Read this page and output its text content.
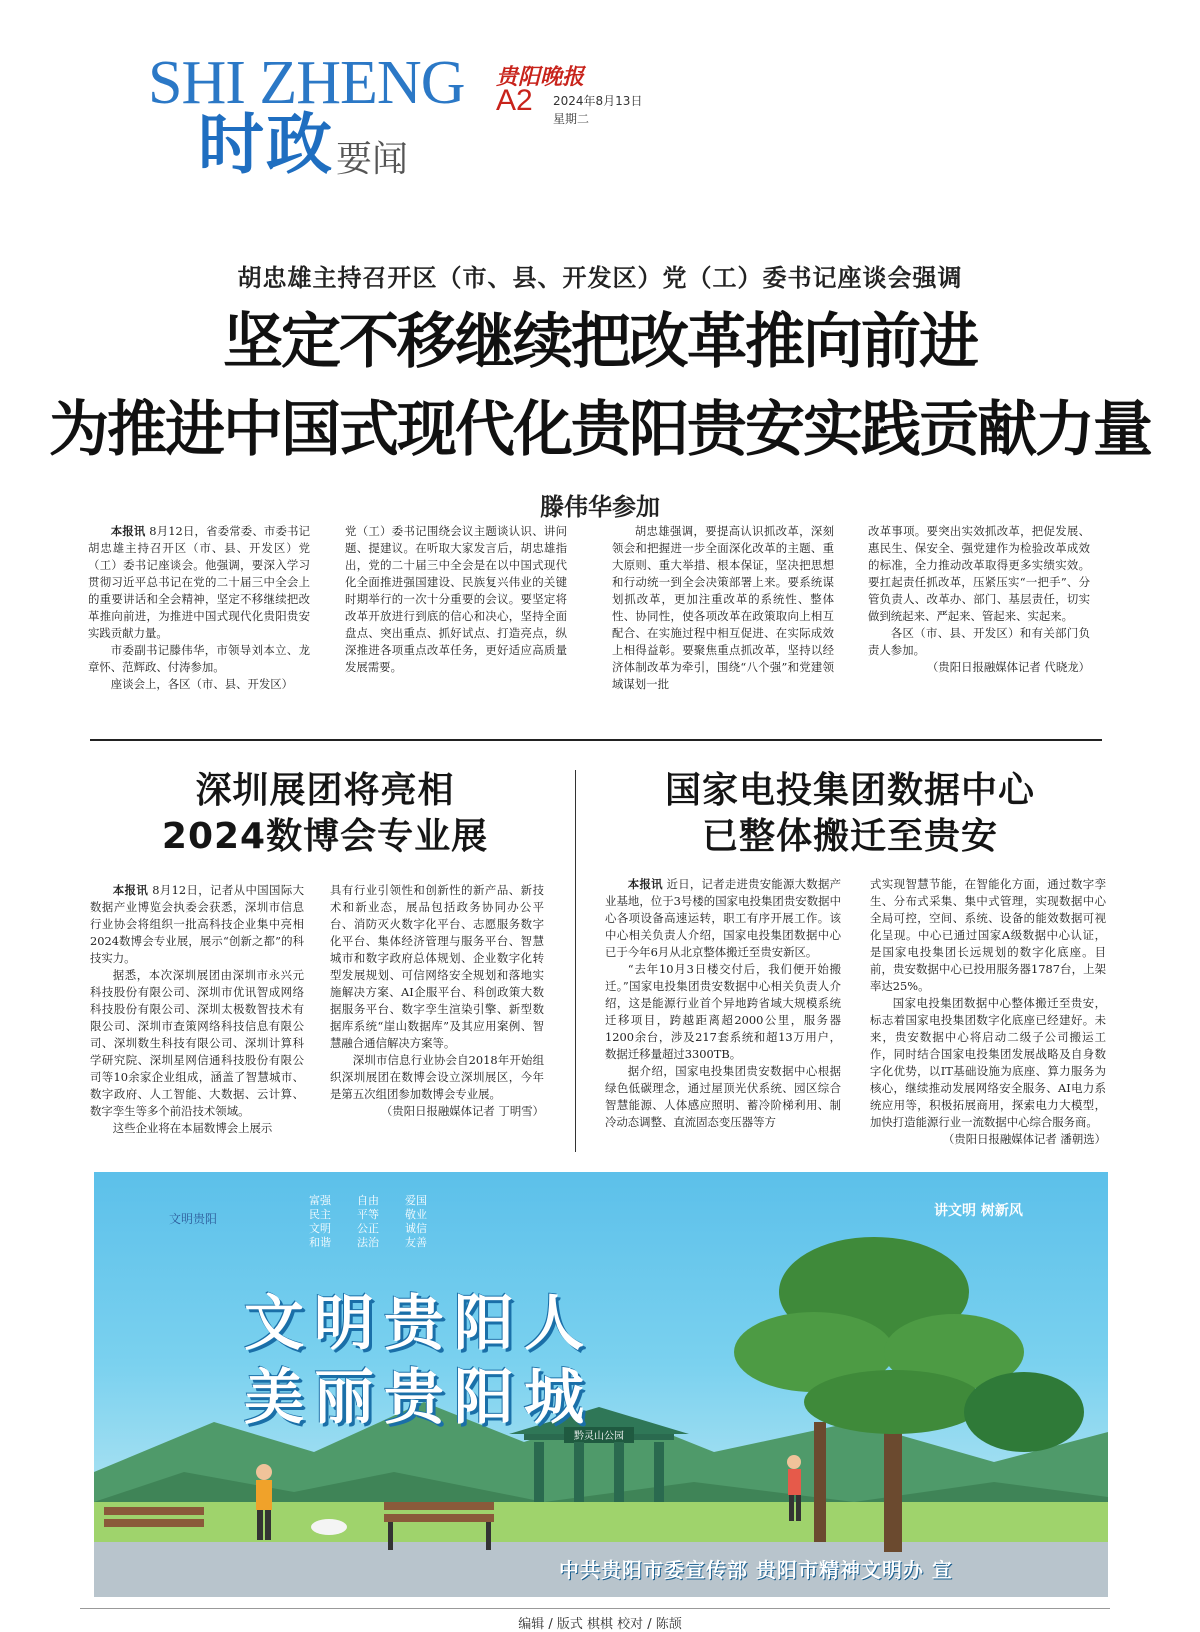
SHI ZHENG
时政 要闻
贵阳晚报
A2 2024年8月13日
星期二
胡忠雄主持召开区（市、县、开发区）党（工）委书记座谈会强调
坚定不移继续把改革推向前进
为推进中国式现代化贵阳贵安实践贡献力量
滕伟华参加

本报讯 8月12日，省委常委、市委书记胡忠雄主持召开区（市、县、开发区）党（工）委书记座谈会。他强调，要深入学习贯彻习近平总书记在党的二十届三中全会上的重要讲话和全会精神，坚定不移继续把改革推向前进，为推进中国式现代化贵阳贵安实践贡献力量。

市委副书记滕伟华，市领导刘本立、龙章怀、范辉政、付涛参加。

座谈会上，各区（市、县、开发区）

党（工）委书记围绕会议主题谈认识、讲问题、提建议。在听取大家发言后，胡忠雄指出，党的二十届三中全会是在以中国式现代化全面推进强国建设、民族复兴伟业的关键时期举行的一次十分重要的会议。要坚定将改革开放进行到底的信心和决心，坚持全面盘点、突出重点、抓好试点、打造亮点，纵深推进各项重点改革任务，更好适应高质量发展需要。

胡忠雄强调，要提高认识抓改革，深刻领会和把握进一步全面深化改革的主题、重大原则、重大举措、根本保证，坚决把思想和行动统一到全会决策部署上来。要系统谋划抓改革，更加注重改革的系统性、整体性、协同性，使各项改革在政策取向上相互配合、在实施过程中相互促进、在实际成效上相得益彰。要聚焦重点抓改革，坚持以经济体制改革为牵引，围绕“八个强”和党建领域谋划一批

改革事项。要突出实效抓改革，把促发展、惠民生、保安全、强党建作为检验改革成效的标准，全力推动改革取得更多实绩实效。要扛起责任抓改革，压紧压实“一把手”、分管负责人、改革办、部门、基层责任，切实做到统起来、严起来、管起来、实起来。

各区（市、县、开发区）和有关部门负责人参加。

（贵阳日报融媒体记者 代晓龙）

深圳展团将亮相
2024数博会专业展

本报讯 8月12日，记者从中国国际大数据产业博览会执委会获悉，深圳市信息行业协会将组织一批高科技企业集中亮相2024数博会专业展，展示“创新之都”的科技实力。

据悉，本次深圳展团由深圳市永兴元科技股份有限公司、深圳市优讯智成网络科技股份有限公司、深圳太极数智技术有限公司、深圳市查策网络科技信息有限公司、深圳数生科技有限公司、深圳计算科学研究院、深圳星网信通科技股份有限公司等10余家企业组成，涵盖了智慧城市、数字政府、人工智能、大数据、云计算、数字孪生等多个前沿技术领域。

这些企业将在本届数博会上展示

具有行业引领性和创新性的新产品、新技术和新业态，展品包括政务协同办公平台、消防灭火数字化平台、志愿服务数字化平台、集体经济管理与服务平台、智慧城市和数字政府总体规划、企业数字化转型发展规划、可信网络安全规划和落地实施解决方案、AI企服平台、科创政策大数据服务平台、数字孪生渲染引擎、新型数据库系统“崖山数据库”及其应用案例、智慧融合通信解决方案等。

深圳市信息行业协会自2018年开始组织深圳展团在数博会设立深圳展区，今年是第五次组团参加数博会专业展。

（贵阳日报融媒体记者 丁明雪）

国家电投集团数据中心
已整体搬迁至贵安

本报讯 近日，记者走进贵安能源大数据产业基地，位于3号楼的国家电投集团贵安数据中心各项设备高速运转，职工有序开展工作。该中心相关负责人介绍，国家电投集团数据中心已于今年6月从北京整体搬迁至贵安新区。

“去年10月3日楼交付后，我们便开始搬迁。”国家电投集团贵安数据中心相关负责人介绍，这是能源行业首个异地跨省域大规模系统迁移项目，跨越距离超2000公里，服务器1200余台，涉及217套系统和超13万用户，数据迁移量超过3300TB。

据介绍，国家电投集团贵安数据中心根据绿色低碳理念，通过屋顶光伏系统、园区综合智慧能源、人体感应照明、蓄冷阶梯利用、制冷动态调整、直流固态变压器等方

式实现智慧节能，在智能化方面，通过数字孪生、分布式采集、集中式管理，实现数据中心全局可控，空间、系统、设备的能效数据可视化呈现。中心已通过国家A级数据中心认证，是国家电投集团长远规划的数字化底座。目前，贵安数据中心已投用服务器1787台，上架率达25%。

国家电投集团数据中心整体搬迁至贵安，标志着国家电投集团数字化底座已经建好。未来，贵安数据中心将启动二级子公司搬运工作，同时结合国家电投集团发展战略及自身数字化优势，以IT基础设施为底座、算力服务为核心，继续推动发展网络安全服务、AI电力系统应用等，积极拓展商用，探索电力大模型，加快打造能源行业一流数据中心综合服务商。

（贵阳日报融媒体记者 潘朝选）

黔灵山公园
文明贵阳
富强民主文明和谐
自由平等公正法治
爱国敬业诚信友善
讲文明 树新风
文明贵阳人
美丽贵阳城
中共贵阳市委宣传部 贵阳市精神文明办 宣
编辑 / 版式 棋棋 校对 / 陈颉
